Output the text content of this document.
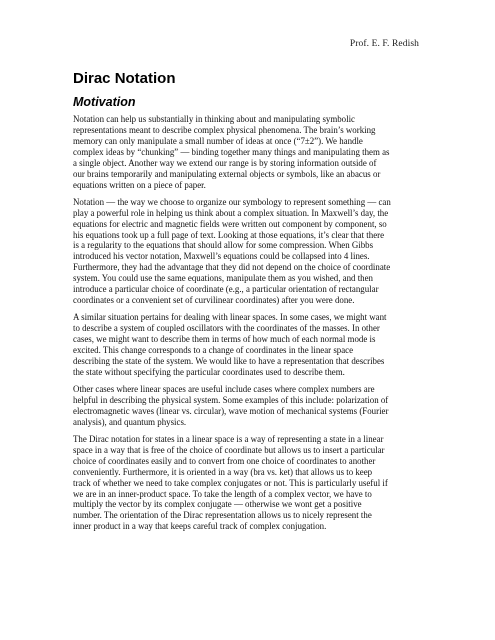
Prof. E. F. Redish
Dirac Notation
Motivation

Notation can help us substantially in thinking about and manipulating symbolic
representations meant to describe complex physical phenomena. The brain’s working
memory can only manipulate a small number of ideas at once (“7±2”). We handle
complex ideas by “chunking” — binding together many things and manipulating them as
a single object. Another way we extend our range is by storing information outside of
our brains temporarily and manipulating external objects or symbols, like an abacus or
equations written on a piece of paper.

Notation — the way we choose to organize our symbology to represent something — can
play a powerful role in helping us think about a complex situation. In Maxwell’s day, the
equations for electric and magnetic fields were written out component by component, so
his equations took up a full page of text. Looking at those equations, it’s clear that there
is a regularity to the equations that should allow for some compression. When Gibbs
introduced his vector notation, Maxwell’s equations could be collapsed into 4 lines.
Furthermore, they had the advantage that they did not depend on the choice of coordinate
system. You could use the same equations, manipulate them as you wished, and then
introduce a particular choice of coordinate (e.g., a particular orientation of rectangular
coordinates or a convenient set of curvilinear coordinates) after you were done.

A similar situation pertains for dealing with linear spaces. In some cases, we might want
to describe a system of coupled oscillators with the coordinates of the masses. In other
cases, we might want to describe them in terms of how much of each normal mode is
excited. This change corresponds to a change of coordinates in the linear space
describing the state of the system. We would like to have a representation that describes
the state without specifying the particular coordinates used to describe them.

Other cases where linear spaces are useful include cases where complex numbers are
helpful in describing the physical system. Some examples of this include: polarization of
electromagnetic waves (linear vs. circular), wave motion of mechanical systems (Fourier
analysis), and quantum physics.

The Dirac notation for states in a linear space is a way of representing a state in a linear
space in a way that is free of the choice of coordinate but allows us to insert a particular
choice of coordinates easily and to convert from one choice of coordinates to another
conveniently. Furthermore, it is oriented in a way (bra vs. ket) that allows us to keep
track of whether we need to take complex conjugates or not. This is particularly useful if
we are in an inner-product space. To take the length of a complex vector, we have to
multiply the vector by its complex conjugate — otherwise we wont get a positive
number. The orientation of the Dirac representation allows us to nicely represent the
inner product in a way that keeps careful track of complex conjugation.
